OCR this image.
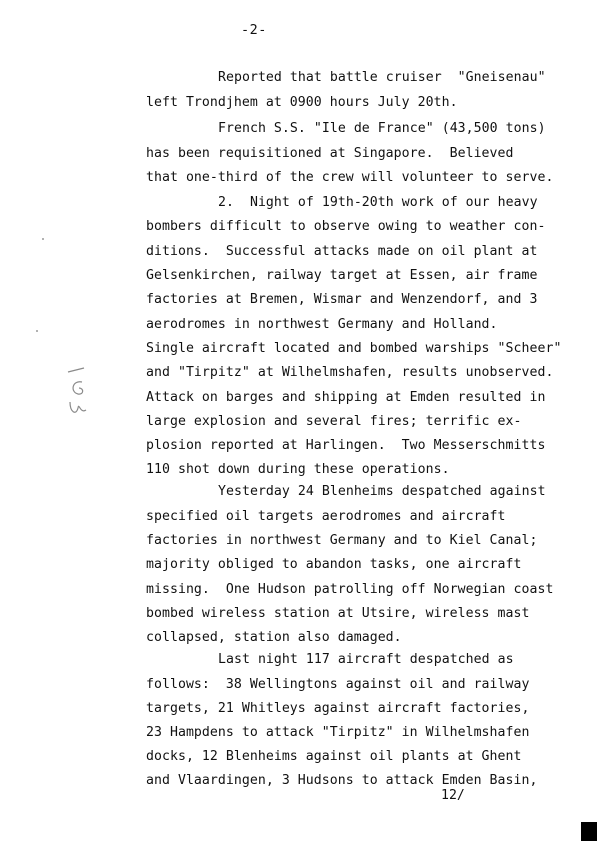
-2-
Reported that battle cruiser  "Gneisenau"
left Trondjhem at 0900 hours July 20th.
French S.S. "Ile de France" (43,500 tons)
has been requisitioned at Singapore.  Believed
that one-third of the crew will volunteer to serve.
2.  Night of 19th-20th work of our heavy
bombers difficult to observe owing to weather con-
ditions.  Successful attacks made on oil plant at
Gelsenkirchen, railway target at Essen, air frame
factories at Bremen, Wismar and Wenzendorf, and 3
aerodromes in northwest Germany and Holland.
Single aircraft located and bombed warships "Scheer"
and "Tirpitz" at Wilhelmshafen, results unobserved.
Attack on barges and shipping at Emden resulted in
large explosion and several fires; terrific ex-
plosion reported at Harlingen.  Two Messerschmitts
110 shot down during these operations.
Yesterday 24 Blenheims despatched against
specified oil targets aerodromes and aircraft
factories in northwest Germany and to Kiel Canal;
majority obliged to abandon tasks, one aircraft
missing.  One Hudson patrolling off Norwegian coast
bombed wireless station at Utsire, wireless mast
collapsed, station also damaged.
Last night 117 aircraft despatched as
follows:  38 Wellingtons against oil and railway
targets, 21 Whitleys against aircraft factories,
23 Hampdens to attack "Tirpitz" in Wilhelmshafen
docks, 12 Blenheims against oil plants at Ghent
and Vlaardingen, 3 Hudsons to attack Emden Basin,
12/
